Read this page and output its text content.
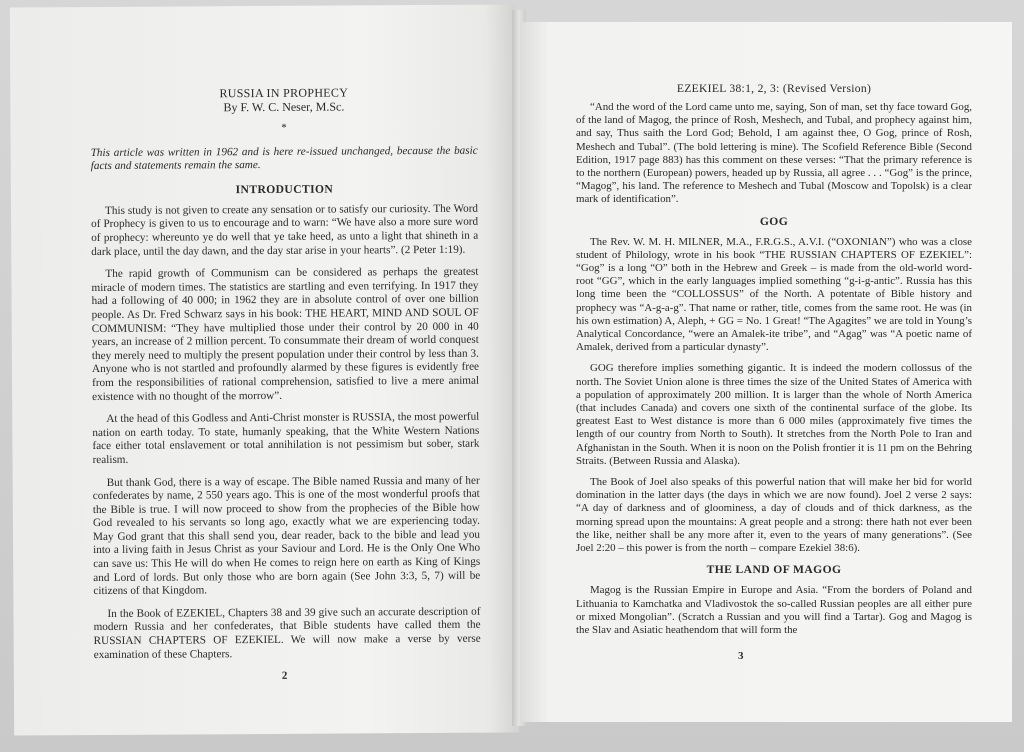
RUSSIA IN PROPHECY
By F. W. C. Neser, M.Sc.
*

This article was written in 1962 and is here re-issued unchanged, because the basic facts and statements remain the same.

INTRODUCTION

This study is not given to create any sensation or to satisfy our curiosity. The Word of Prophecy is given to us to encourage and to warn: “We have also a more sure word of prophecy: whereunto ye do well that ye take heed, as unto a light that shineth in a dark place, until the day dawn, and the day star arise in your hearts”. (2 Peter 1:19).

The rapid growth of Communism can be considered as perhaps the greatest miracle of modern times. The statistics are startling and even terrifying. In 1917 they had a following of 40 000; in 1962 they are in absolute control of over one billion people. As Dr. Fred Schwarz says in his book: THE HEART, MIND AND SOUL OF COMMUNISM: “They have multiplied those under their control by 20 000 in 40 years, an increase of 2 million percent. To consummate their dream of world conquest they merely need to multiply the present population under their control by less than 3. Anyone who is not startled and profoundly alarmed by these figures is evidently free from the responsibilities of rational comprehension, satisfied to live a mere animal existence with no thought of the morrow”.

At the head of this Godless and Anti-Christ monster is RUSSIA, the most powerful nation on earth today. To state, humanly speaking, that the White Western Nations face either total enslavement or total annihilation is not pessimism but sober, stark realism.

But thank God, there is a way of escape. The Bible named Russia and many of her confederates by name, 2 550 years ago. This is one of the most wonderful proofs that the Bible is true. I will now proceed to show from the prophecies of the Bible how God revealed to his servants so long ago, exactly what we are experiencing today. May God grant that this shall send you, dear reader, back to the bible and lead you into a living faith in Jesus Christ as your Saviour and Lord. He is the Only One Who can save us: This He will do when He comes to reign here on earth as King of Kings and Lord of lords. But only those who are born again (See John 3:3, 5, 7) will be citizens of that Kingdom.

In the Book of EZEKIEL, Chapters 38 and 39 give such an accurate description of modern Russia and her confederates, that Bible students have called them the RUSSIAN CHAPTERS OF EZEKIEL. We will now make a verse by verse examination of these Chapters.

2
EZEKIEL 38:1, 2, 3: (Revised Version)

“And the word of the Lord came unto me, saying, Son of man, set thy face toward Gog, of the land of Magog, the prince of Rosh, Meshech, and Tubal, and prophecy against him, and say, Thus saith the Lord God; Behold, I am against thee, O Gog, prince of Rosh, Meshech and Tubal”. (The bold lettering is mine). The Scofield Reference Bible (Second Edition, 1917 page 883) has this comment on these verses: “That the primary reference is to the northern (European) powers, headed up by Russia, all agree . . . “Gog” is the prince, “Magog”, his land. The reference to Meshech and Tubal (Moscow and Topolsk) is a clear mark of identification”.

GOG

The Rev. W. M. H. MILNER, M.A., F.R.G.S., A.V.I. (“OXONIAN”) who was a close student of Philology, wrote in his book “THE RUSSIAN CHAPTERS OF EZEKIEL”: “Gog” is a long “O” both in the Hebrew and Greek – is made from the old-world word-root “GG”, which in the early languages implied something “g-i-g-antic”. Russia has this long time been the “COLLOSSUS” of the North. A potentate of Bible history and prophecy was “A-g-a-g”. That name or rather, title, comes from the same root. He was (in his own estimation) A, Aleph, + GG = No. 1 Great! “The Agagites” we are told in Young’s Analytical Concordance, “were an Amalek-ite tribe”, and “Agag” was “A poetic name of Amalek, derived from a particular dynasty”.

GOG therefore implies something gigantic. It is indeed the modern collossus of the north. The Soviet Union alone is three times the size of the United States of America with a population of approximately 200 million. It is larger than the whole of North America (that includes Canada) and covers one sixth of the continental surface of the globe. Its greatest East to West distance is more than 6 000 miles (approximately five times the length of our country from North to South). It stretches from the North Pole to Iran and Afghanistan in the South. When it is noon on the Polish frontier it is 11 pm on the Behring Straits. (Between Russia and Alaska).

The Book of Joel also speaks of this powerful nation that will make her bid for world domination in the latter days (the days in which we are now found). Joel 2 verse 2 says: “A day of darkness and of gloominess, a day of clouds and of thick darkness, as the morning spread upon the mountains: A great people and a strong: there hath not ever been the like, neither shall be any more after it, even to the years of many generations”. (See Joel 2:20 – this power is from the north – compare Ezekiel 38:6).

THE LAND OF MAGOG

Magog is the Russian Empire in Europe and Asia. “From the borders of Poland and Lithuania to Kamchatka and Vladivostok the so-called Russian peoples are all either pure or mixed Mongolian”. (Scratch a Russian and you will find a Tartar). Gog and Magog is the Slav and Asiatic heathendom that will form the

3
